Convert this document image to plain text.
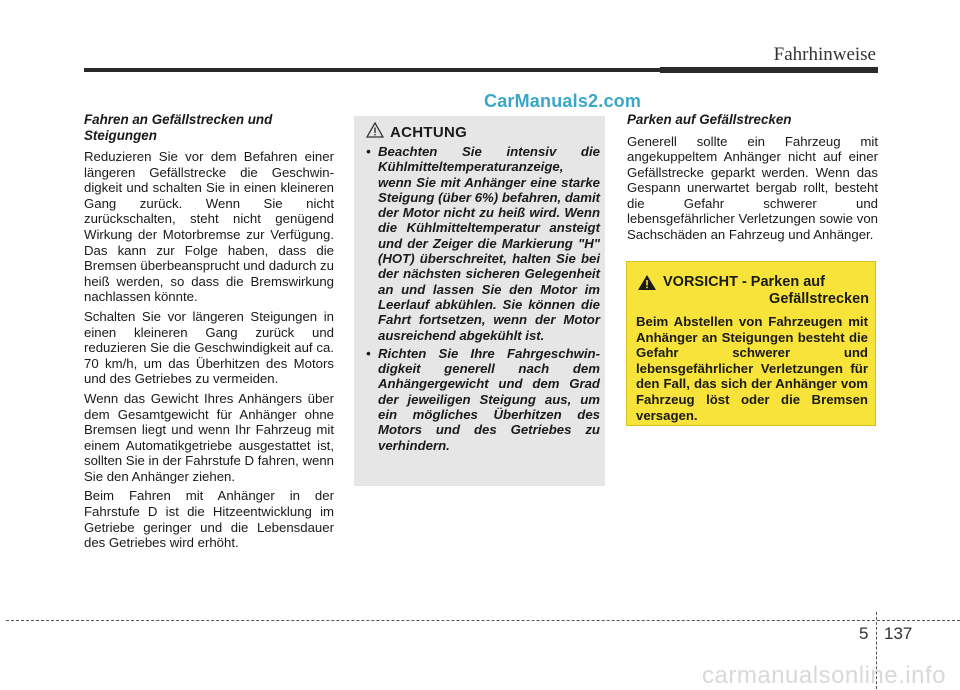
Fahrhinweise
CarManuals2.com
Fahren an Gefällstrecken und Steigungen

Reduzieren Sie vor dem Befahren einer längeren Gefällstrecke die Geschwin-digkeit und schalten Sie in einen kleineren Gang zurück. Wenn Sie nicht zurückschalten, steht nicht genügend Wirkung der Motorbremse zur Verfügung. Das kann zur Folge haben, dass die Bremsen überbeansprucht und dadurch zu heiß werden, so dass die Bremswirkung nachlassen könnte.

Schalten Sie vor längeren Steigungen in einen kleineren Gang zurück und reduzieren Sie die Geschwindigkeit auf ca. 70 km/h, um das Überhitzen des Motors und des Getriebes zu vermeiden.

Wenn das Gewicht Ihres Anhängers über dem Gesamtgewicht für Anhänger ohne Bremsen liegt und wenn Ihr Fahrzeug mit einem Automatikgetriebe ausgestattet ist, sollten Sie in der Fahrstufe D fahren, wenn Sie den Anhänger ziehen.

Beim Fahren mit Anhänger in der Fahrstufe D ist die Hitzeentwicklung im Getriebe geringer und die Lebensdauer des Getriebes wird erhöht.

ACHTUNG
• Beachten Sie intensiv die Kühlmitteltemperaturanzeige, wenn Sie mit Anhänger eine starke Steigung (über 6%) befahren, damit der Motor nicht zu heiß wird. Wenn die Kühlmitteltemperatur ansteigt und der Zeiger die Markierung "H" (HOT) überschreitet, halten Sie bei der nächsten sicheren Gelegenheit an und lassen Sie den Motor im Leerlauf abkühlen. Sie können die Fahrt fortsetzen, wenn der Motor ausreichend abgekühlt ist.
• Richten Sie Ihre Fahrgeschwin-digkeit generell nach dem Anhängergewicht und dem Grad der jeweiligen Steigung aus, um ein mögliches Überhitzen des Motors und des Getriebes zu verhindern.
Parken auf Gefällstrecken

Generell sollte ein Fahrzeug mit angekuppeltem Anhänger nicht auf einer Gefällstrecke geparkt werden. Wenn das Gespann unerwartet bergab rollt, besteht die Gefahr schwerer und lebensgefährlicher Verletzungen sowie von Sachschäden an Fahrzeug und Anhänger.

VORSICHT - Parken auf
Gefällstrecken
Beim Abstellen von Fahrzeugen mit Anhänger an Steigungen besteht die Gefahr schwerer und lebensgefährlicher Verletzungen für den Fall, das sich der Anhänger vom Fahrzeug löst oder die Bremsen versagen.
5 137
carmanualsonline.info
